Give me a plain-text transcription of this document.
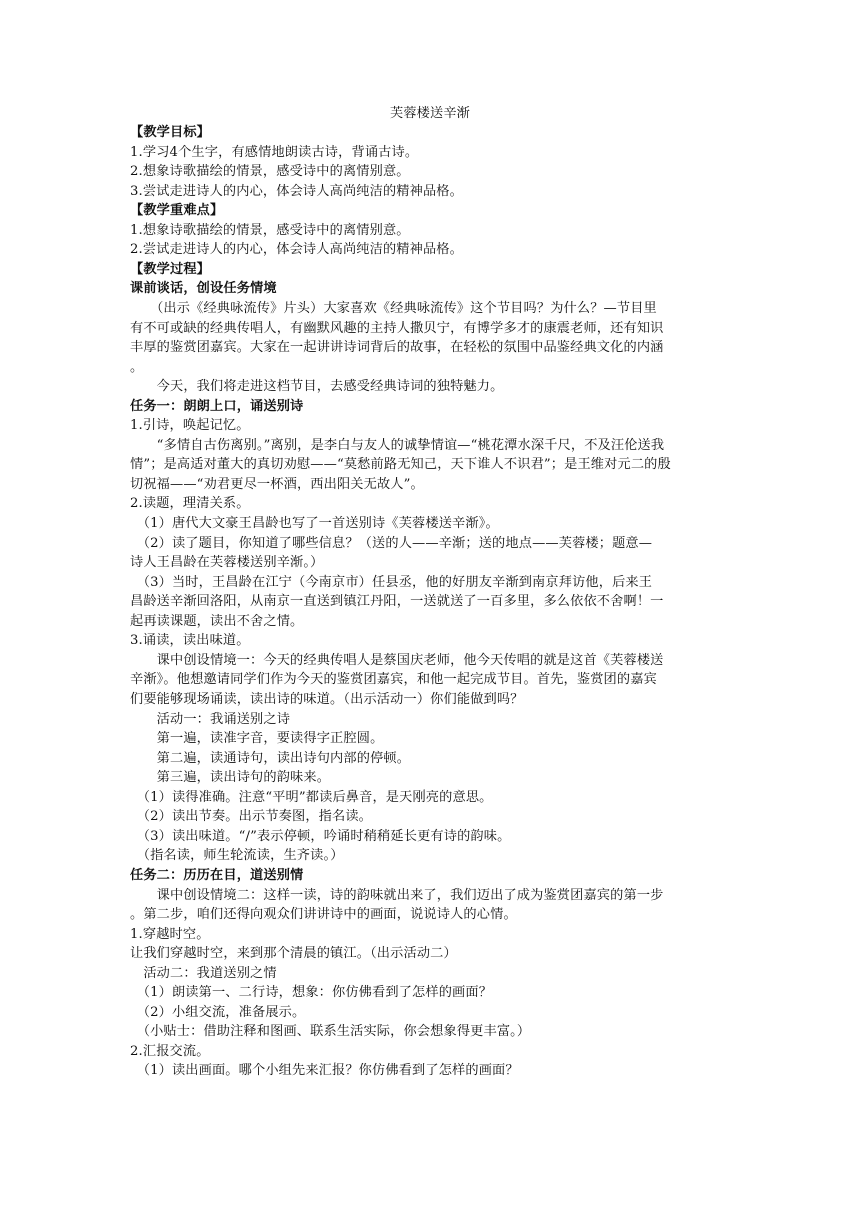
芙蓉楼送辛渐
【教学目标】
1.学习4个生字，有感情地朗读古诗，背诵古诗。
2.想象诗歌描绘的情景，感受诗中的离情别意。
3.尝试走进诗人的内心，体会诗人高尚纯洁的精神品格。
【教学重难点】
1.想象诗歌描绘的情景，感受诗中的离情别意。
2.尝试走进诗人的内心，体会诗人高尚纯洁的精神品格。
【教学过程】
课前谈话，创设任务情境
　　（出示《经典咏流传》片头）大家喜欢《经典咏流传》这个节目吗？为什么？—节目里
有不可或缺的经典传唱人，有幽默风趣的主持人撒贝宁，有博学多才的康震老师，还有知识
丰厚的鉴赏团嘉宾。大家在一起讲讲诗词背后的故事，在轻松的氛围中品鉴经典文化的内涵
。
　　今天，我们将走进这档节目，去感受经典诗词的独特魅力。
任务一：朗朗上口，诵送别诗
1.引诗，唤起记忆。
　　“多情自古伤离别。”离别，是李白与友人的诚挚情谊—“桃花潭水深千尺，不及汪伦送我
情”；是高适对董大的真切劝慰——“莫愁前路无知己，天下谁人不识君”；是王维对元二的殷
切祝福——“劝君更尽一杯酒，西出阳关无故人”。
2.读题，理清关系。
　（1）唐代大文豪王昌龄也写了一首送别诗《芙蓉楼送辛渐》。
　（2）读了题目，你知道了哪些信息？（送的人——辛渐；送的地点——芙蓉楼；题意—
诗人王昌龄在芙蓉楼送别辛渐。）
　（3）当时，王昌龄在江宁（今南京市）任县丞，他的好朋友辛渐到南京拜访他，后来王
昌龄送辛渐回洛阳，从南京一直送到镇江丹阳，一送就送了一百多里，多么依依不舍啊！一
起再读课题，读出不舍之情。
3.诵读，读出味道。
　　课中创设情境一：今天的经典传唱人是蔡国庆老师，他今天传唱的就是这首《芙蓉楼送
辛渐》。他想邀请同学们作为今天的鉴赏团嘉宾，和他一起完成节目。首先，鉴赏团的嘉宾
们要能够现场诵读，读出诗的味道。（出示活动一）你们能做到吗？
　　活动一：我诵送别之诗
　　第一遍，读准字音，要读得字正腔圆。
　　第二遍，读通诗句，读出诗句内部的停顿。
　　第三遍，读出诗句的韵味来。
　（1）读得准确。注意“平明”都读后鼻音，是天刚亮的意思。
　（2）读出节奏。出示节奏图，指名读。
　（3）读出味道。“/”表示停顿，吟诵时稍稍延长更有诗的韵味。
　（指名读，师生轮流读，生齐读。）
任务二：历历在目，道送别情
　　课中创设情境二：这样一读，诗的韵味就出来了，我们迈出了成为鉴赏团嘉宾的第一步
。第二步，咱们还得向观众们讲讲诗中的画面，说说诗人的心情。
1.穿越时空。
让我们穿越时空，来到那个清晨的镇江。（出示活动二）
　活动二：我道送别之情
　（1）朗读第一、二行诗，想象：你仿佛看到了怎样的画面？
　（2）小组交流，准备展示。
　（小贴士：借助注释和图画、联系生活实际，你会想象得更丰富。）
2.汇报交流。
　（1）读出画面。哪个小组先来汇报？你仿佛看到了怎样的画面？
